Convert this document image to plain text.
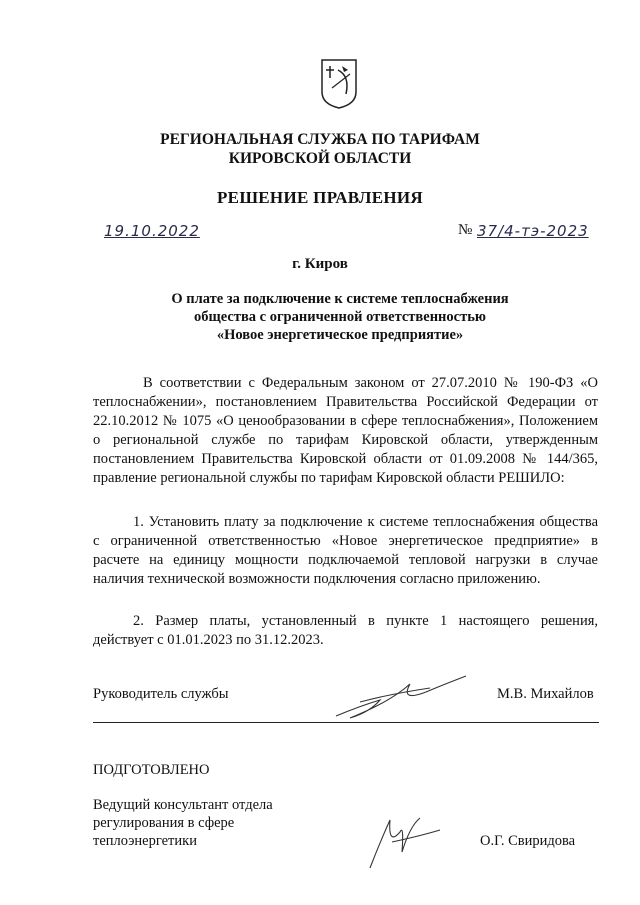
РЕГИОНАЛЬНАЯ СЛУЖБА ПО ТАРИФАМ
КИРОВСКОЙ ОБЛАСТИ
РЕШЕНИЕ ПРАВЛЕНИЯ
19.10.2022	№ 37/4-тэ-2023
г. Киров
О плате за подключение к системе теплоснабжения
общества с ограниченной ответственностью
«Новое энергетическое предприятие»
В соответствии с Федеральным законом от 27.07.2010 № 190-ФЗ «О теплоснабжении», постановлением Правительства Российской Федерации от 22.10.2012 № 1075 «О ценообразовании в сфере теплоснабжения», Положением о региональной службе по тарифам Кировской области, утвержденным постановлением Правительства Кировской области от 01.09.2008 № 144/365, правление региональной службы по тарифам Кировской области РЕШИЛО:
1. Установить плату за подключение к системе теплоснабжения общества с ограниченной ответственностью «Новое энергетическое предприятие» в расчете на единицу мощности подключаемой тепловой нагрузки в случае наличия технической возможности подключения согласно приложению.
2. Размер платы, установленный в пункте 1 настоящего решения, действует с 01.01.2023 по 31.12.2023.
Руководитель службы	М.В. Михайлов
ПОДГОТОВЛЕНО
Ведущий консультант отдела
регулирования в сфере
теплоэнергетики	О.Г. Свиридова
